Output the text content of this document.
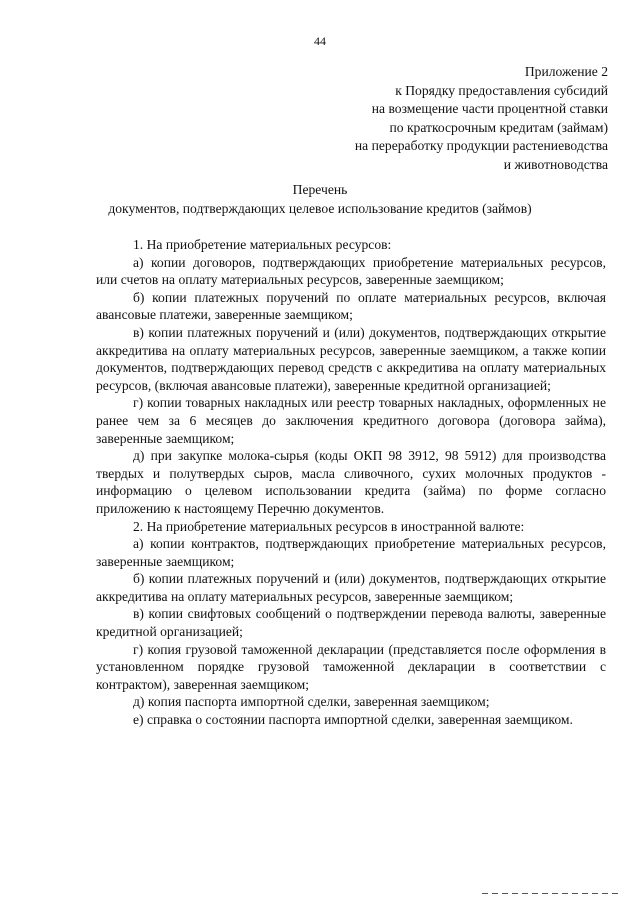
44
Приложение 2
к Порядку предоставления субсидий
на возмещение части процентной ставки
по краткосрочным кредитам (займам)
на переработку продукции растениеводства
и животноводства
Перечень
документов, подтверждающих целевое использование кредитов (займов)

1. На приобретение материальных ресурсов:

а) копии договоров, подтверждающих приобретение материальных ресурсов, или счетов на оплату материальных ресурсов, заверенные заемщиком;

б) копии платежных поручений по оплате материальных ресурсов, включая авансовые платежи, заверенные заемщиком;

в) копии платежных поручений и (или) документов, подтверждающих открытие аккредитива на оплату материальных ресурсов, заверенные заемщиком, а также копии документов, подтверждающих перевод средств с аккредитива на оплату материальных ресурсов, (включая авансовые платежи), заверенные кредитной организацией;

г) копии товарных накладных или реестр товарных накладных, оформленных не ранее чем за 6 месяцев до заключения кредитного договора (договора займа), заверенные заемщиком;

д) при закупке молока-сырья (коды ОКП 98 3912, 98 5912) для производства твердых и полутвердых сыров, масла сливочного, сухих молочных продуктов - информацию о целевом использовании кредита (займа) по форме согласно приложению к настоящему Перечню документов.

2. На приобретение материальных ресурсов в иностранной валюте:

а) копии контрактов, подтверждающих приобретение материальных ресурсов, заверенные заемщиком;

б) копии платежных поручений и (или) документов, подтверждающих открытие аккредитива на оплату материальных ресурсов, заверенные заемщиком;

в) копии свифтовых сообщений о подтверждении перевода валюты, заверенные кредитной организацией;

г) копия грузовой таможенной декларации (представляется после оформления в установленном порядке грузовой таможенной декларации в соответствии с контрактом), заверенная заемщиком;

д) копия паспорта импортной сделки, заверенная заемщиком;

е) справка о состоянии паспорта импортной сделки, заверенная заемщиком.
